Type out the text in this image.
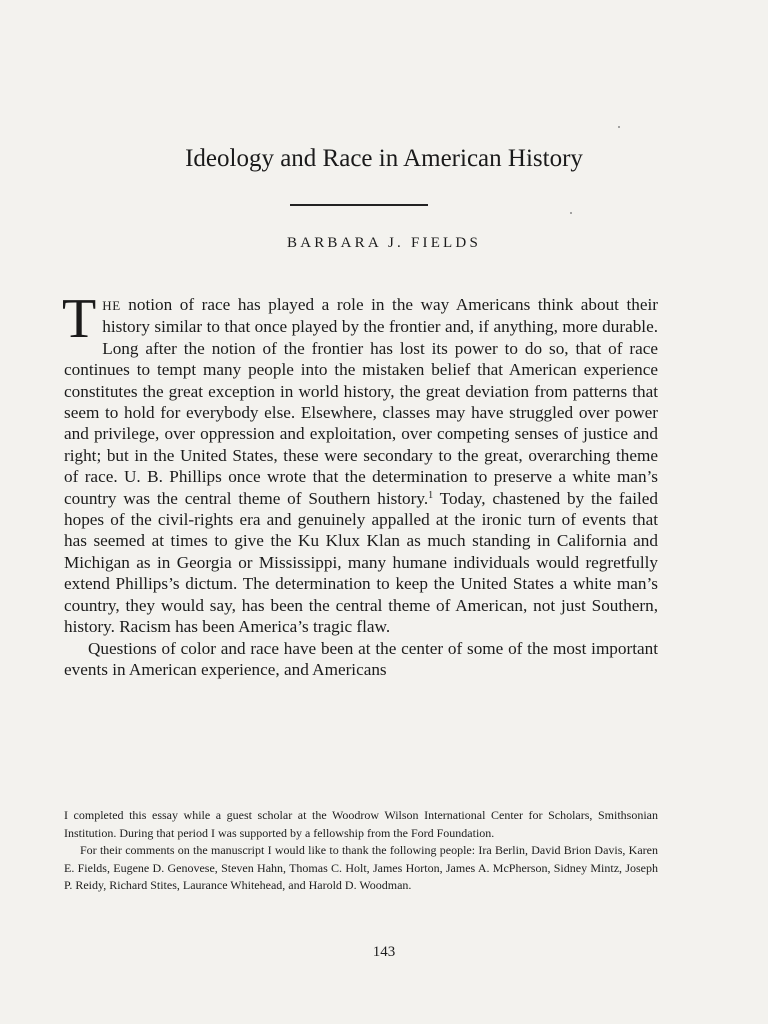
Ideology and Race in American History
BARBARA J. FIELDS

THE notion of race has played a role in the way Americans think about their history similar to that once played by the frontier and, if anything, more durable. Long after the notion of the frontier has lost its power to do so, that of race continues to tempt many people into the mistaken belief that American experience constitutes the great exception in world history, the great deviation from patterns that seem to hold for everybody else. Elsewhere, classes may have struggled over power and privilege, over oppression and exploitation, over competing senses of justice and right; but in the United States, these were secondary to the great, overarching theme of race. U. B. Phillips once wrote that the determination to preserve a white man’s country was the central theme of Southern history.$^1$ Today, chastened by the failed hopes of the civil-rights era and genuinely appalled at the ironic turn of events that has seemed at times to give the Ku Klux Klan as much standing in California and Michigan as in Georgia or Mississippi, many humane individuals would regretfully extend Phillips’s dictum. The determination to keep the United States a white man’s country, they would say, has been the central theme of American, not just Southern, history. Racism has been America’s tragic flaw.

Questions of color and race have been at the center of some of the most important events in American experience, and Americans

I completed this essay while a guest scholar at the Woodrow Wilson International Center for Scholars, Smithsonian Institution. During that period I was supported by a fellowship from the Ford Foundation.

For their comments on the manuscript I would like to thank the following people: Ira Berlin, David Brion Davis, Karen E. Fields, Eugene D. Genovese, Steven Hahn, Thomas C. Holt, James Horton, James A. McPherson, Sidney Mintz, Joseph P. Reidy, Richard Stites, Laurance Whitehead, and Harold D. Woodman.

143
